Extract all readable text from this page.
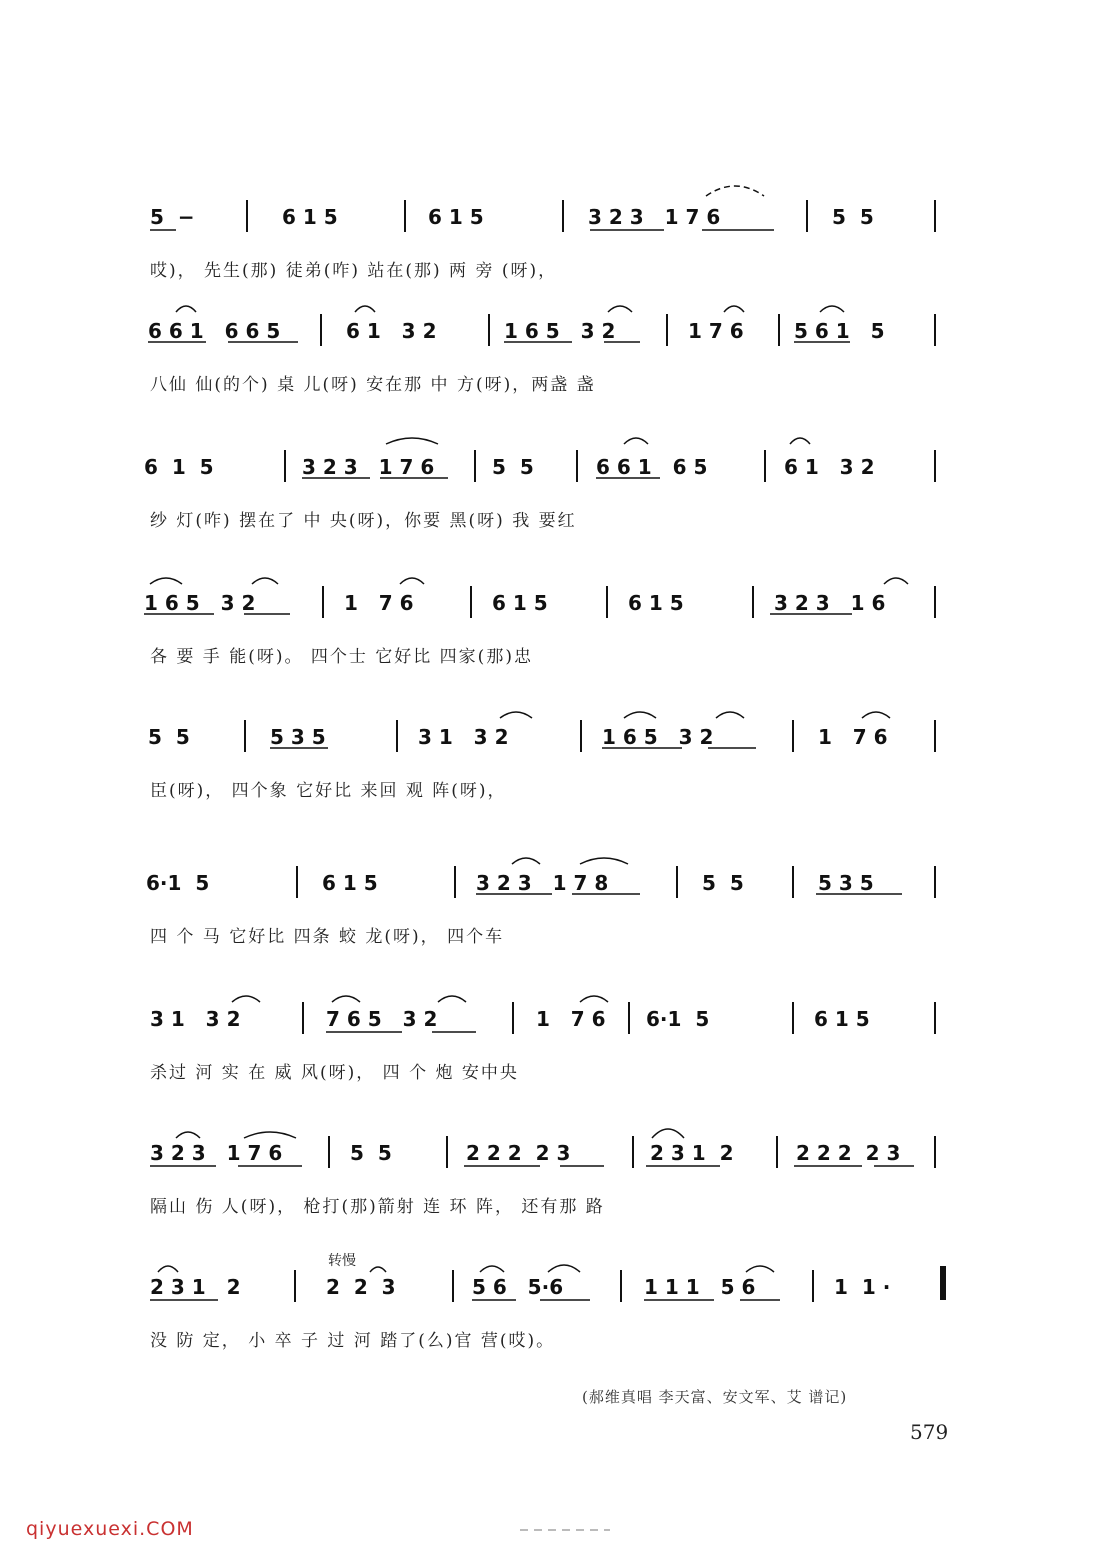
5  −	6 1 5	6 1 5	3 2 3   1 7 6	5  5
哎)， 先生(那) 徒弟(咋) 站在(那) 两 旁 (呀)，
6 6 1   6 6 5	6 1   3 2	1 6 5   3 2	1 7 6	5 6 1   5
八仙 仙(的个) 桌 儿(呀) 安在那 中 方(呀)，两盏 盏
6  1  5	3 2 3   1 7 6	5  5	6 6 1   6 5	6 1   3 2
纱 灯(咋) 摆在了 中 央(呀)，你要 黑(呀) 我 要红
1 6 5   3 2	1   7 6	6 1 5	6 1 5	3 2 3   1 6
各 要 手 能(呀)。 四个士 它好比 四家(那)忠
5  5	5 3 5	3 1   3 2	1 6 5   3 2	1   7 6
臣(呀)， 四个象 它好比 来回 观 阵(呀)，
6·1  5	6 1 5	3 2 3   1 7 8	5  5	5 3 5
四 个 马 它好比 四条 蛟 龙(呀)， 四个车
3 1   3 2	7 6 5   3 2	1   7 6 6·1  5	6 1 5
杀过 河 实 在 威 风(呀)， 四 个 炮 安中央
3 2 3   1 7 6	5  5	2 2 2  2 3	2 3 1  2	2 2 2  2 3
隔山 伤 人(呀)， 枪打(那)箭射 连 环 阵， 还有那 路
2 3 1   2	2  2  3	5 6   5·6	1 1 1   5 6	1  1 ·
没 防 定， 小 卒 子 过 河 踏了(么)官 营(哎)。
转慢
(郝维真唱 李天富、安文军、艾 谱记)
579
qiyuexuexi.COM
